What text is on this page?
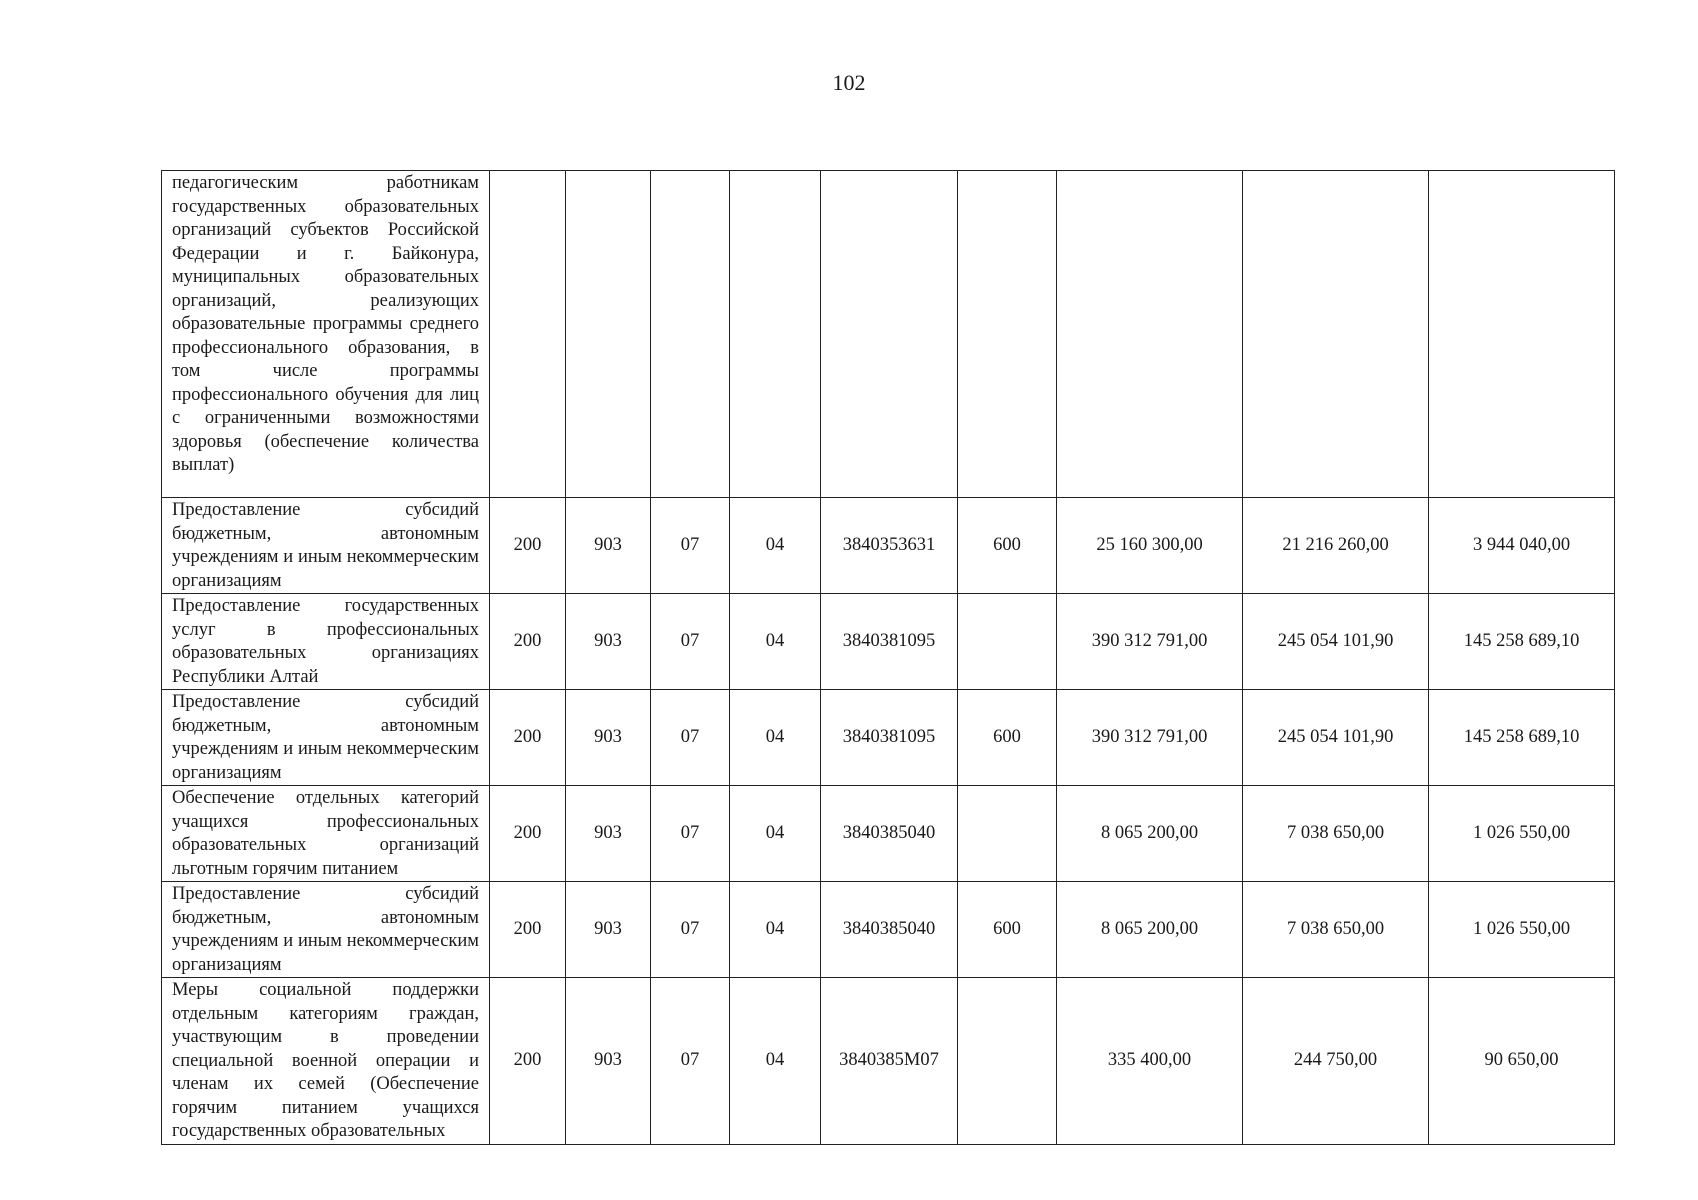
102
педагогическим работникам государственных образовательных организаций субъектов Российской Федерации и г. Байконура, муниципальных образовательных организаций, реализующих образовательные программы среднего профессионального образования, в том числе программы профессионального обучения для лиц с ограниченными возможностями здоровья (обеспечение количества выплат)									
Предоставление субсидий бюджетным, автономным учреждениям и иным некоммерческим организациям	200	903	07	04	3840353631	600	25 160 300,00	21 216 260,00	3 944 040,00
Предоставление государственных услуг в профессиональных образовательных организациях Республики Алтай	200	903	07	04	3840381095		390 312 791,00	245 054 101,90	145 258 689,10
Предоставление субсидий бюджетным, автономным учреждениям и иным некоммерческим организациям	200	903	07	04	3840381095	600	390 312 791,00	245 054 101,90	145 258 689,10
Обеспечение отдельных категорий учащихся профессиональных образовательных организаций льготным горячим питанием	200	903	07	04	3840385040		8 065 200,00	7 038 650,00	1 026 550,00
Предоставление субсидий бюджетным, автономным учреждениям и иным некоммерческим организациям	200	903	07	04	3840385040	600	8 065 200,00	7 038 650,00	1 026 550,00
Меры социальной поддержки отдельным категориям граждан, участвующим в проведении специальной военной операции и членам их семей (Обеспечение горячим питанием учащихся государственных образовательных	200	903	07	04	3840385М07		335 400,00	244 750,00	90 650,00
